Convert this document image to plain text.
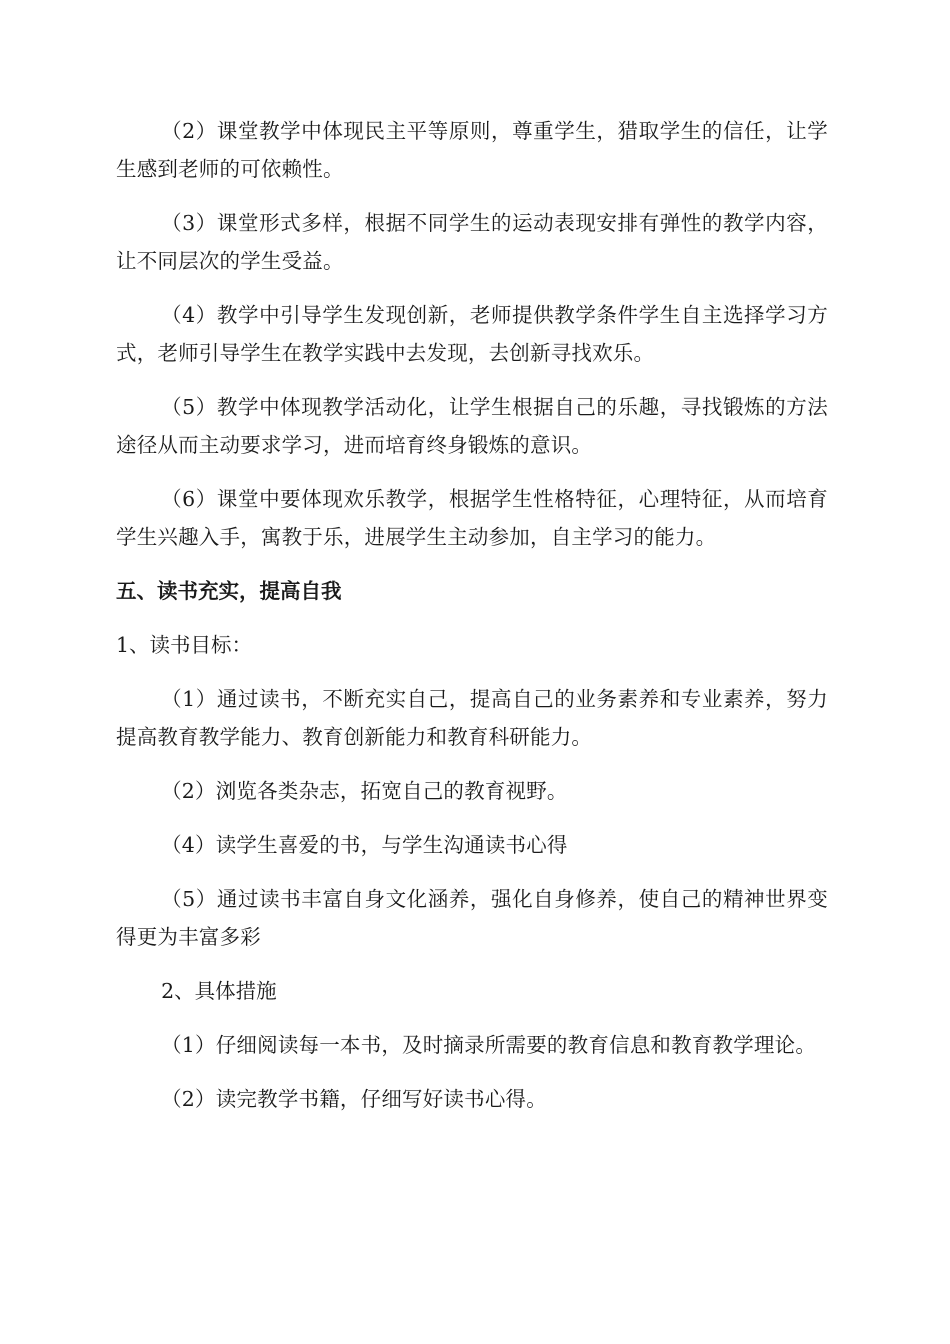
（2）课堂教学中体现民主平等原则，尊重学生，猎取学生的信任，让学生感到老师的可依赖性。

（3）课堂形式多样，根据不同学生的运动表现安排有弹性的教学内容，让不同层次的学生受益。

（4）教学中引导学生发现创新，老师提供教学条件学生自主选择学习方式，老师引导学生在教学实践中去发现，去创新寻找欢乐。

（5）教学中体现教学活动化，让学生根据自己的乐趣，寻找锻炼的方法途径从而主动要求学习，进而培育终身锻炼的意识。

（6）课堂中要体现欢乐教学，根据学生性格特征，心理特征，从而培育学生兴趣入手，寓教于乐，进展学生主动参加，自主学习的能力。

五、读书充实，提高自我

1、读书目标：

（1）通过读书，不断充实自己，提高自己的业务素养和专业素养，努力提高教育教学能力、教育创新能力和教育科研能力。

（2）浏览各类杂志，拓宽自己的教育视野。

（4）读学生喜爱的书，与学生沟通读书心得

（5）通过读书丰富自身文化涵养，强化自身修养，使自己的精神世界变得更为丰富多彩

2、具体措施

（1）仔细阅读每一本书，及时摘录所需要的教育信息和教育教学理论。

（2）读完教学书籍，仔细写好读书心得。
